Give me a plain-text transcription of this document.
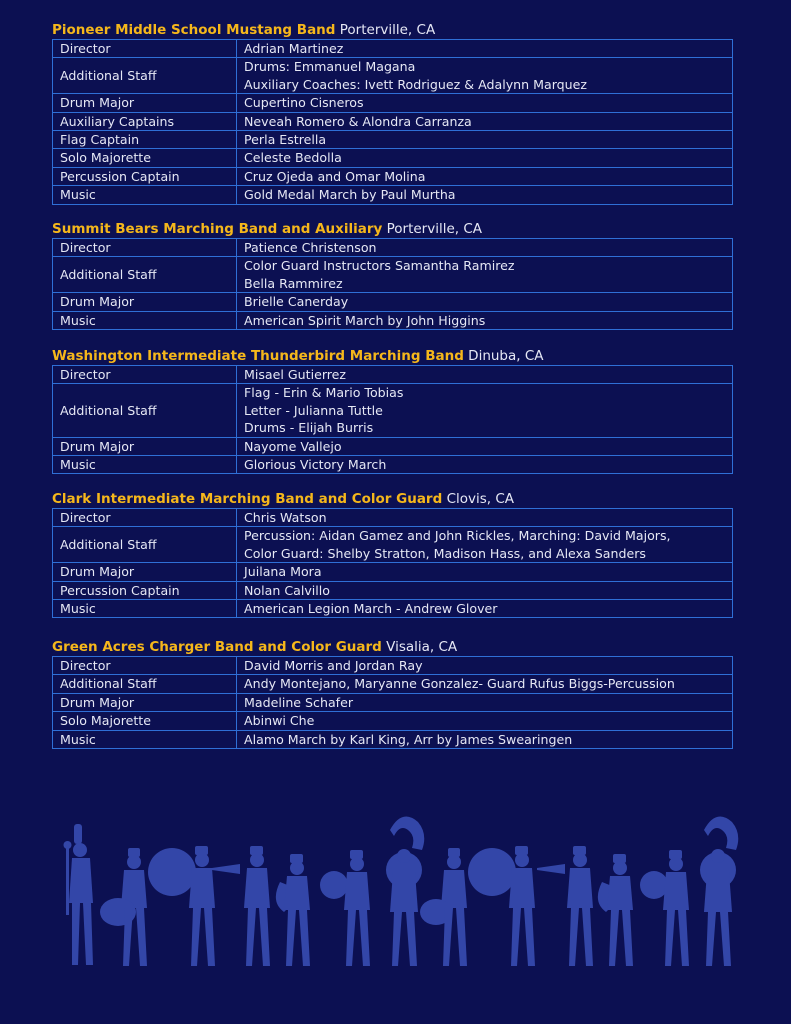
Pioneer Middle School Mustang Band Porterville, CA
Director	Adrian Martinez

Additional Staff	Drums: Emmanuel Magana
Auxiliary Coaches: Ivett Rodriguez & Adalynn Marquez

Drum Major	Cupertino Cisneros

Auxiliary Captains	Neveah Romero & Alondra Carranza

Flag Captain	Perla Estrella

Solo Majorette	Celeste Bedolla

Percussion Captain	Cruz Ojeda and Omar Molina

Music	Gold Medal March by Paul Murtha
Summit Bears Marching Band and Auxiliary Porterville, CA
Director	Patience Christenson

Additional Staff	Color Guard Instructors Samantha Ramirez
Bella Rammirez

Drum Major	Brielle Canerday

Music	American Spirit March by John Higgins
Washington Intermediate Thunderbird Marching Band Dinuba, CA
Director	Misael Gutierrez

Additional Staff	Flag - Erin & Mario Tobias
Letter - Julianna Tuttle
Drums - Elijah Burris

Drum Major	Nayome Vallejo

Music	Glorious Victory March
Clark Intermediate Marching Band and Color Guard Clovis, CA
Director	Chris Watson

Additional Staff	Percussion: Aidan Gamez and John Rickles, Marching: David Majors,
Color Guard: Shelby Stratton, Madison Hass, and Alexa Sanders

Drum Major	Juilana Mora

Percussion Captain	Nolan Calvillo

Music	American Legion March - Andrew Glover
Green Acres Charger Band and Color Guard Visalia, CA
Director	David Morris and Jordan Ray

Additional Staff	Andy Montejano, Maryanne Gonzalez- Guard Rufus Biggs-Percussion

Drum Major	Madeline Schafer

Solo Majorette	Abinwi Che

Music	Alamo March by Karl King, Arr by James Swearingen
